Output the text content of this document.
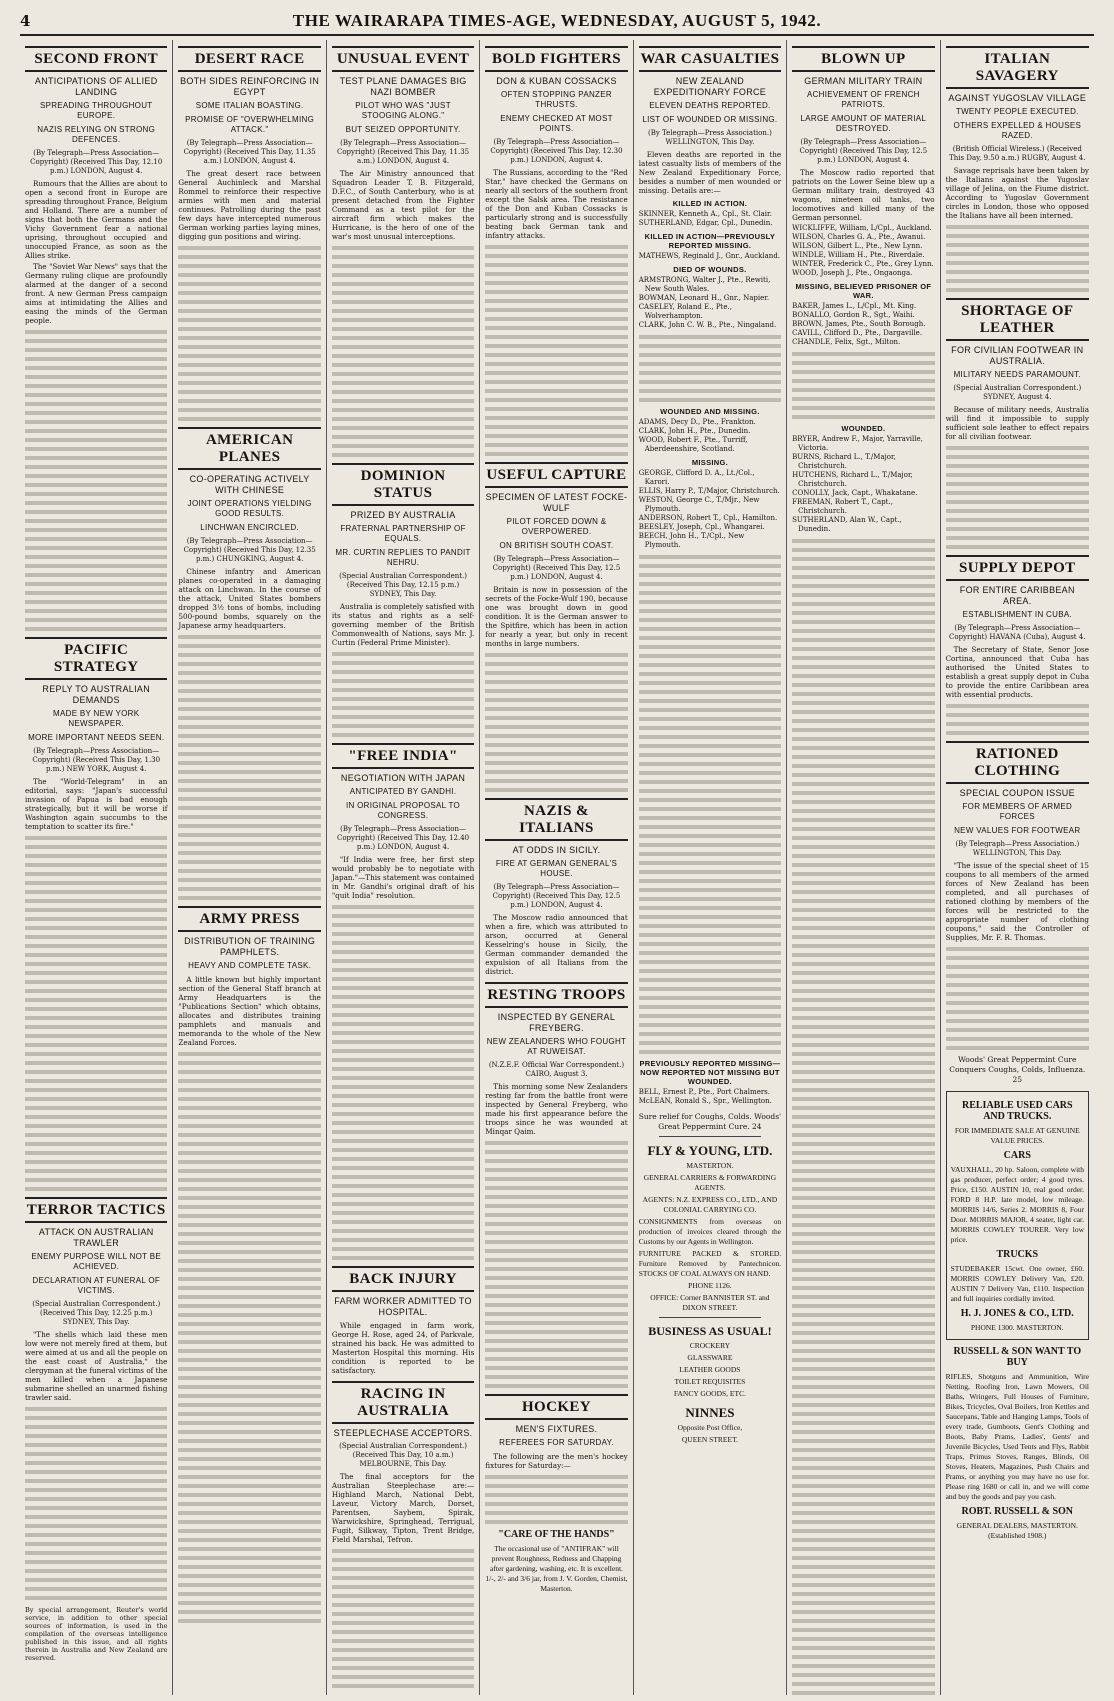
4	THE WAIRARAPA TIMES-AGE, WEDNESDAY, AUGUST 5, 1942.
SECOND FRONT
ANTICIPATIONS OF ALLIED LANDING
SPREADING THROUGHOUT EUROPE.
NAZIS RELYING ON STRONG DEFENCES.
(By Telegraph—Press Association—Copyright) (Received This Day, 12.10 p.m.) LONDON, August 4.

Rumours that the Allies are about to open a second front in Europe are spreading throughout France, Belgium and Holland. There are a number of signs that both the Germans and the Vichy Government fear a national uprising, throughout occupied and unoccupied France, as soon as the Allies strike.

The "Soviet War News" says that the Germany ruling clique are profoundly alarmed at the danger of a second front. A new German Press campaign aims at intimidating the Allies and easing the minds of the German people.

PACIFIC STRATEGY
REPLY TO AUSTRALIAN DEMANDS
MADE BY NEW YORK NEWSPAPER.
MORE IMPORTANT NEEDS SEEN.
(By Telegraph—Press Association—Copyright) (Received This Day, 1.30 p.m.) NEW YORK, August 4.

The "World-Telegram" in an editorial, says: "Japan's successful invasion of Papua is bad enough strategically, but it will be worse if Washington again succumbs to the temptation to scatter its fire."

TERROR TACTICS
ATTACK ON AUSTRALIAN TRAWLER
ENEMY PURPOSE WILL NOT BE ACHIEVED.
DECLARATION AT FUNERAL OF VICTIMS.
(Special Australian Correspondent.) (Received This Day, 12.25 p.m.) SYDNEY, This Day.

"The shells which laid these men low were not merely fired at them, but were aimed at us and all the people on the east coast of Australia," the clergyman at the funeral victims of the men killed when a Japanese submarine shelled an unarmed fishing trawler said.

By special arrangement, Reuter's world service, in addition to other special sources of information, is used in the compilation of the overseas intelligence published in this issue, and all rights therein in Australia and New Zealand are reserved.

DESERT RACE
BOTH SIDES REINFORCING IN EGYPT
SOME ITALIAN BOASTING.
PROMISE OF "OVERWHELMING ATTACK."
(By Telegraph—Press Association—Copyright) (Received This Day, 11.35 a.m.) LONDON, August 4.

The great desert race between General Auchinleck and Marshal Rommel to reinforce their respective armies with men and material continues. Patrolling during the past few days have intercepted numerous German working parties laying mines, digging gun positions and wiring.

AMERICAN PLANES
CO-OPERATING ACTIVELY WITH CHINESE
JOINT OPERATIONS YIELDING GOOD RESULTS.
LINCHWAN ENCIRCLED.
(By Telegraph—Press Association—Copyright) (Received This Day, 12.35 p.m.) CHUNGKING, August 4.

Chinese infantry and American planes co-operated in a damaging attack on Linchwan. In the course of the attack, United States bombers dropped 3½ tons of bombs, including 500-pound bombs, squarely on the Japanese army headquarters.

ARMY PRESS
DISTRIBUTION OF TRAINING PAMPHLETS.
HEAVY AND COMPLETE TASK.

A little known but highly important section of the General Staff branch at Army Headquarters is the "Publications Section" which obtains, allocates and distributes training pamphlets and manuals and memoranda to the whole of the New Zealand Forces.

UNUSUAL EVENT
TEST PLANE DAMAGES BIG NAZI BOMBER
PILOT WHO WAS "JUST STOOGING ALONG."
BUT SEIZED OPPORTUNITY.
(By Telegraph—Press Association—Copyright) (Received This Day, 11.35 a.m.) LONDON, August 4.

The Air Ministry announced that Squadron Leader T. B. Fitzgerald, D.F.C., of South Canterbury, who is at present detached from the Fighter Command as a test pilot for the aircraft firm which makes the Hurricane, is the hero of one of the war's most unusual interceptions.

DOMINION STATUS
PRIZED BY AUSTRALIA
FRATERNAL PARTNERSHIP OF EQUALS.
MR. CURTIN REPLIES TO PANDIT NEHRU.
(Special Australian Correspondent.) (Received This Day, 12.15 p.m.) SYDNEY, This Day.

Australia is completely satisfied with its status and rights as a self-governing member of the British Commonwealth of Nations, says Mr. J. Curtin (Federal Prime Minister).

"FREE INDIA"
NEGOTIATION WITH JAPAN
ANTICIPATED BY GANDHI.
IN ORIGINAL PROPOSAL TO CONGRESS.
(By Telegraph—Press Association—Copyright) (Received This Day, 12.40 p.m.) LONDON, August 4.

"If India were free, her first step would probably be to negotiate with Japan."—This statement was contained in Mr. Gandhi's original draft of his "quit India" resolution.

BACK INJURY
FARM WORKER ADMITTED TO HOSPITAL.

While engaged in farm work, George H. Rose, aged 24, of Parkvale, strained his back. He was admitted to Masterton Hospital this morning. His condition is reported to be satisfactory.

RACING IN AUSTRALIA
STEEPLECHASE ACCEPTORS.
(Special Australian Correspondent.) (Received This Day, 10 a.m.) MELBOURNE, This Day.

The final acceptors for the Australian Steeplechase are:—Highland March, National Debt, Laveur, Victory March, Dorset, Parentsen, Saybem, Spirak, Warwickshire, Springhead, Terrigual, Fugit, Silkway, Tipton, Trent Bridge, Field Marshal, Tefron.

BOLD FIGHTERS
DON & KUBAN COSSACKS
OFTEN STOPPING PANZER THRUSTS.
ENEMY CHECKED AT MOST POINTS.
(By Telegraph—Press Association—Copyright) (Received This Day, 12.30 p.m.) LONDON, August 4.

The Russians, according to the "Red Star," have checked the Germans on nearly all sectors of the southern front except the Salsk area. The resistance of the Don and Kuban Cossacks is particularly strong and is successfully beating back German tank and infantry attacks.

USEFUL CAPTURE
SPECIMEN OF LATEST FOCKE-WULF
PILOT FORCED DOWN & OVERPOWERED.
ON BRITISH SOUTH COAST.
(By Telegraph—Press Association—Copyright) (Received This Day, 12.5 p.m.) LONDON, August 4.

Britain is now in possession of the secrets of the Focke-Wulf 190, because one was brought down in good condition. It is the German answer to the Spitfire, which has been in action for nearly a year, but only in recent months in large numbers.

NAZIS & ITALIANS
AT ODDS IN SICILY.
FIRE AT GERMAN GENERAL'S HOUSE.
(By Telegraph—Press Association—Copyright) (Received This Day, 12.5 p.m.) LONDON, August 4.

The Moscow radio announced that when a fire, which was attributed to arson, occurred at General Kesselring's house in Sicily, the German commander demanded the expulsion of all Italians from the district.

RESTING TROOPS
INSPECTED BY GENERAL FREYBERG.
NEW ZEALANDERS WHO FOUGHT AT RUWEISAT.
(N.Z.E.F. Official War Correspondent.) CAIRO, August 3.

This morning some New Zealanders resting far from the battle front were inspected by General Freyberg, who made his first appearance before the troops since he was wounded at Minqar Qaim.

HOCKEY
MEN'S FIXTURES.
REFEREES FOR SATURDAY.

The following are the men's hockey fixtures for Saturday:—

"CARE OF THE HANDS"
The occasional use of "ANTIFRAK" will prevent Roughness, Redness and Chapping after gardening, washing, etc. It is excellent. 1/-, 2/- and 3/6 jar, from J. V. Gorden, Chemist, Masterton.
WAR CASUALTIES
NEW ZEALAND EXPEDITIONARY FORCE
ELEVEN DEATHS REPORTED.
LIST OF WOUNDED OR MISSING.
(By Telegraph—Press Association.) WELLINGTON, This Day.

Eleven deaths are reported in the latest casualty lists of members of the New Zealand Expeditionary Force, besides a number of men wounded or missing. Details are:—

KILLED IN ACTION.
SKINNER, Kenneth A., Cpl., St. Clair.
SUTHERLAND, Edgar, Cpl., Dunedin.
KILLED IN ACTION—PREVIOUSLY REPORTED MISSING.
MATHEWS, Reginald J., Gnr., Auckland.
DIED OF WOUNDS.
ARMSTRONG, Walter J., Pte., Rewiti, New South Wales.
BOWMAN, Leonard H., Gnr., Napier.
CASELEY, Roland E., Pte., Wolverhampton.
CLARK, John C. W. B., Pte., Ningaland.
WOUNDED AND MISSING.
ADAMS, Decy D., Pte., Frankton.
CLARK, John H., Pte., Dunedin.
WOOD, Robert F., Pte., Turriff, Aberdeenshire, Scotland.
MISSING.
GEORGE, Clifford D. A., Lt./Col., Karori.
ELLIS, Harry P., T./Major, Christchurch.
WESTON, George C., T./Mjr., New Plymouth.
ANDERSON, Robert T., Cpl., Hamilton.
BEESLEY, Joseph, Cpl., Whangarei.
BEECH, John H., T./Cpl., New Plymouth.
PREVIOUSLY REPORTED MISSING—NOW REPORTED NOT MISSING BUT WOUNDED.
BELL, Ernest P., Pte., Port Chalmers.
McLEAN, Ronald S., Spr., Wellington.
Sure relief for Coughs, Colds. Woods' Great Peppermint Cure. 24
FLY & YOUNG, LTD.
MASTERTON.
GENERAL CARRIERS & FORWARDING AGENTS.
AGENTS: N.Z. EXPRESS CO., LTD., AND COLONIAL CARRYING CO.
CONSIGNMENTS from overseas on production of invoices cleared through the Customs by our Agents in Wellington.
FURNITURE PACKED & STORED. Furniture Removed by Pantechnicon. STOCKS OF COAL ALWAYS ON HAND.
PHONE 1126.
OFFICE: Corner BANNISTER ST. and DIXON STREET.
BUSINESS AS USUAL!
CROCKERY
GLASSWARE
LEATHER GOODS
TOILET REQUISITES
FANCY GOODS, ETC.
NINNES
Opposite Post Office,
QUEEN STREET.
BLOWN UP
GERMAN MILITARY TRAIN
ACHIEVEMENT OF FRENCH PATRIOTS.
LARGE AMOUNT OF MATERIAL DESTROYED.
(By Telegraph—Press Association—Copyright) (Received This Day, 12.5 p.m.) LONDON, August 4.

The Moscow radio reported that patriots on the Lower Seine blew up a German military train, destroyed 43 wagons, nineteen oil tanks, two locomotives and killed many of the German personnel.

WICKLIFFE, William, L/Cpl., Auckland.
WILSON, Charles G. A., Pte., Awanui.
WILSON, Gilbert L., Pte., New Lynn.
WINDLE, William H., Pte., Riverdale.
WINTER, Frederick C., Pte., Grey Lynn.
WOOD, Joseph J., Pte., Ongaonga.
MISSING, BELIEVED PRISONER OF WAR.
BAKER, James L., L/Cpl., Mt. King.
BONALLO, Gordon R., Sgt., Waihi.
BROWN, James, Pte., South Borough.
CAVILL, Clifford D., Pte., Dargaville.
CHANDLE, Felix, Sgt., Milton.
WOUNDED.
BRYER, Andrew F., Major, Yarraville, Victoria.
BURNS, Richard L., T./Major, Christchurch.
HUTCHENS, Richard L., T./Major, Christchurch.
CONOLLY, Jack, Capt., Whakatane.
FREEMAN, Robert T., Capt., Christchurch.
SUTHERLAND, Alan W., Capt., Dunedin.
ITALIAN SAVAGERY
AGAINST YUGOSLAV VILLAGE
TWENTY PEOPLE EXECUTED.
OTHERS EXPELLED & HOUSES RAZED.
(British Official Wireless.) (Received This Day, 9.50 a.m.) RUGBY, August 4.

Savage reprisals have been taken by the Italians against the Yugoslav village of Jelina, on the Fiume district. According to Yugoslav Government circles in London, those who opposed the Italians have all been interned.

SHORTAGE OF LEATHER
FOR CIVILIAN FOOTWEAR IN AUSTRALIA.
MILITARY NEEDS PARAMOUNT.
(Special Australian Correspondent.) SYDNEY, August 4.

Because of military needs, Australia will find it impossible to supply sufficient sole leather to effect repairs for all civilian footwear.

SUPPLY DEPOT
FOR ENTIRE CARIBBEAN AREA.
ESTABLISHMENT IN CUBA.
(By Telegraph—Press Association—Copyright) HAVANA (Cuba), August 4.

The Secretary of State, Senor Jose Cortina, announced that Cuba has authorised the United States to establish a great supply depot in Cuba to provide the entire Caribbean area with essential products.

RATIONED CLOTHING
SPECIAL COUPON ISSUE
FOR MEMBERS OF ARMED FORCES
NEW VALUES FOR FOOTWEAR
(By Telegraph—Press Association.) WELLINGTON, This Day.

"The issue of the special sheet of 15 coupons to all members of the armed forces of New Zealand has been completed, and all purchases of rationed clothing by members of the forces will be restricted to the appropriate number of clothing coupons," said the Controller of Supplies, Mr. F. R. Thomas.

Woods' Great Peppermint Cure Conquers Coughs, Colds, Influenza. 25
RELIABLE USED CARS AND TRUCKS.
FOR IMMEDIATE SALE AT GENUINE VALUE PRICES.
CARS
VAUXHALL, 20 hp. Saloon, complete with gas producer, perfect order; 4 good tyres. Price, £150. AUSTIN 10, real good order. FORD 8 H.P. late model, low mileage. MORRIS 14/6, Series 2. MORRIS 8, Four Door. MORRIS MAJOR, 4 seater, light car. MORRIS COWLEY TOURER. Very low price.
TRUCKS
STUDEBAKER 15cwt. One owner, £60. MORRIS COWLEY Delivery Van, £20. AUSTIN 7 Delivery Van, £110. Inspection and full inquiries cordially invited.
H. J. JONES & CO., LTD.
PHONE 1300. MASTERTON.
RUSSELL & SON WANT TO BUY
RIFLES, Shotguns and Ammunition, Wire Netting, Roofing Iron, Lawn Mowers, Oil Baths, Wringers, Full Houses of Furniture, Bikes, Tricycles, Oval Boilers, Iron Kettles and Saucepans, Table and Hanging Lamps, Tools of every trade, Gumboots, Gent's Clothing and Boots, Baby Prams, Ladies', Gents' and Juvenile Bicycles, Used Tents and Flys, Rabbit Traps, Primus Stoves, Ranges, Blinds, Oil Stoves, Heaters, Magazines, Push Chairs and Prams, or anything you may have no use for. Please ring 1680 or call in, and we will come and buy the goods and pay you cash.
ROBT. RUSSELL & SON
GENERAL DEALERS, MASTERTON. (Established 1908.)
